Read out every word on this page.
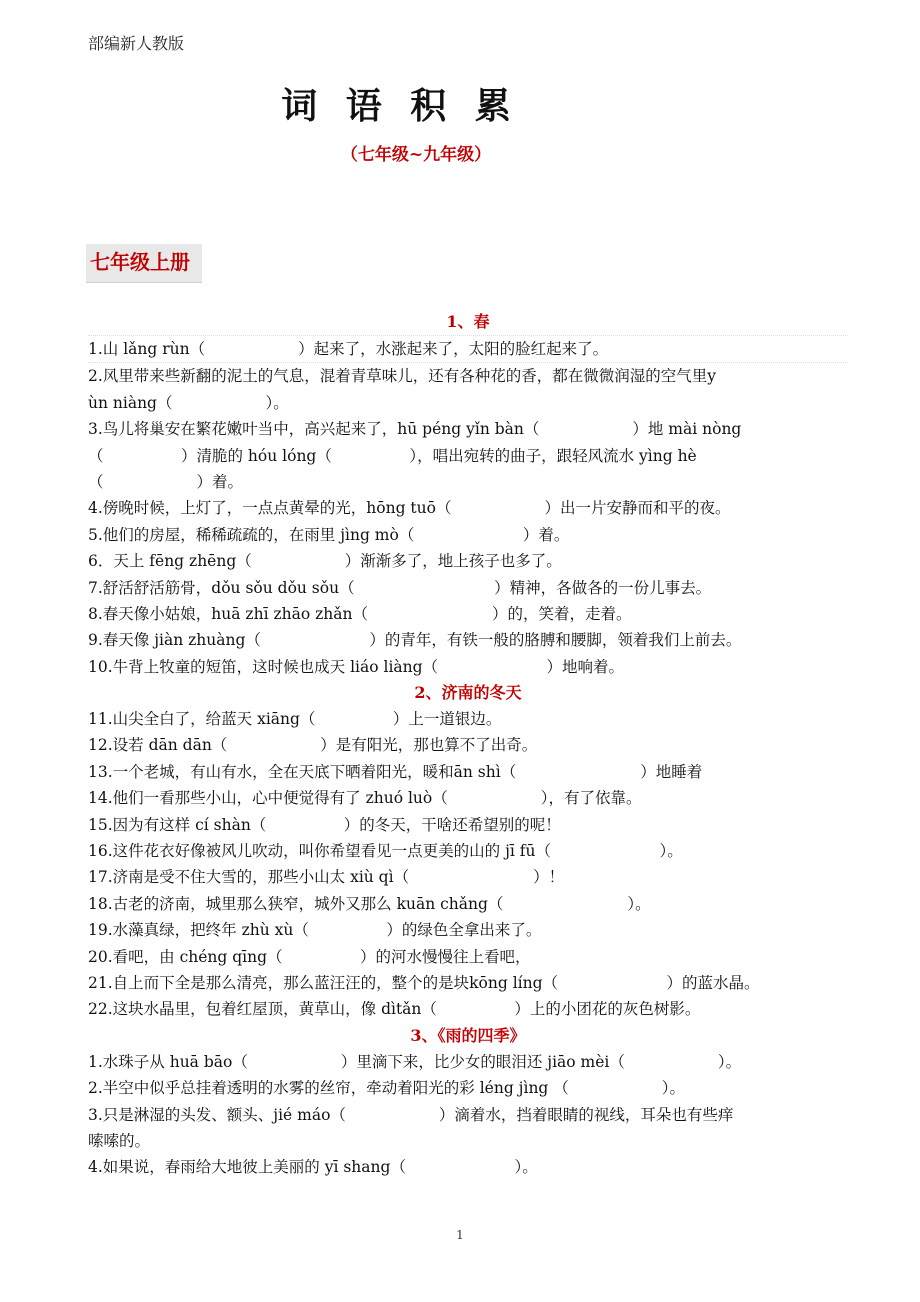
部编新人教版
词 语 积 累
（七年级~九年级）
七年级上册
1、春
1.山 lǎng rùn（　　　　　　）起来了，水涨起来了，太阳的脸红起来了。
2.风里带来些新翻的泥土的气息，混着青草味儿，还有各种花的香，都在微微润湿的空气里y
ùn niàng（　　　　　　）。
3.鸟儿将巢安在繁花嫩叶当中，高兴起来了，hū péng yǐn bàn（　　　　　　）地 mài nòng
（　　　　　）清脆的 hóu lóng（　　　　　），唱出宛转的曲子，跟轻风流水 yìng hè
（　　　　　　）着。
4.傍晚时候，上灯了，一点点黄晕的光，hōng tuō（　　　　　　）出一片安静而和平的夜。
5.他们的房屋，稀稀疏疏的，在雨里 jìng mò（　　　　　　　）着。
6．天上 fēng zhēng（　　　　　　）渐渐多了，地上孩子也多了。
7.舒活舒活筋骨，dǒu sǒu dǒu sǒu（　　　　　　　　　）精神，各做各的一份儿事去。
8.春天像小姑娘，huā zhī zhāo zhǎn（　　　　　　　　）的，笑着，走着。
9.春天像 jiàn zhuàng（　　　　　　　）的青年，有铁一般的胳膊和腰脚，领着我们上前去。
10.牛背上牧童的短笛，这时候也成天 liáo liàng（　　　　　　　）地响着。
2、济南的冬天
11.山尖全白了，给蓝天 xiāng（　　　　　）上一道银边。
12.设若 dān dān（　　　　　　）是有阳光，那也算不了出奇。
13.一个老城，有山有水，全在天底下晒着阳光，暖和ān shì（　　　　　　　　）地睡着
14.他们一看那些小山，心中便觉得有了 zhuó luò（　　　　　　），有了依靠。
15.因为有这样 cí shàn（　　　　　）的冬天，干啥还希望别的呢！
16.这件花衣好像被风儿吹动，叫你希望看见一点更美的山的 jī fū（　　　　　　　）。
17.济南是受不住大雪的，那些小山太 xiù qì（　　　　　　　　）！
18.古老的济南，城里那么狭窄，城外又那么 kuān chǎng（　　　　　　　　）。
19.水藻真绿，把终年 zhù xù（　　　　　）的绿色全拿出来了。
20.看吧，由 chéng qīng（　　　　　）的河水慢慢往上看吧，
21.自上而下全是那么清亮，那么蓝汪汪的，整个的是块kōng líng（　　　　　　　）的蓝水晶。
22.这块水晶里，包着红屋顶，黄草山，像 dìtǎn（　　　　　）上的小团花的灰色树影。
3、《雨的四季》
1.水珠子从 huā bāo（　　　　　　）里滴下来，比少女的眼泪还 jiāo mèi（　　　　　　）。
2.半空中似乎总挂着透明的水雾的丝帘，牵动着阳光的彩 léng jìng （　　　　　　）。
3.只是淋湿的头发、额头、jié máo（　　　　　　）滴着水，挡着眼睛的视线，耳朵也有些痒
嗦嗦的。
4.如果说，春雨给大地彼上美丽的 yī shang（　　　　　　　）。
1
